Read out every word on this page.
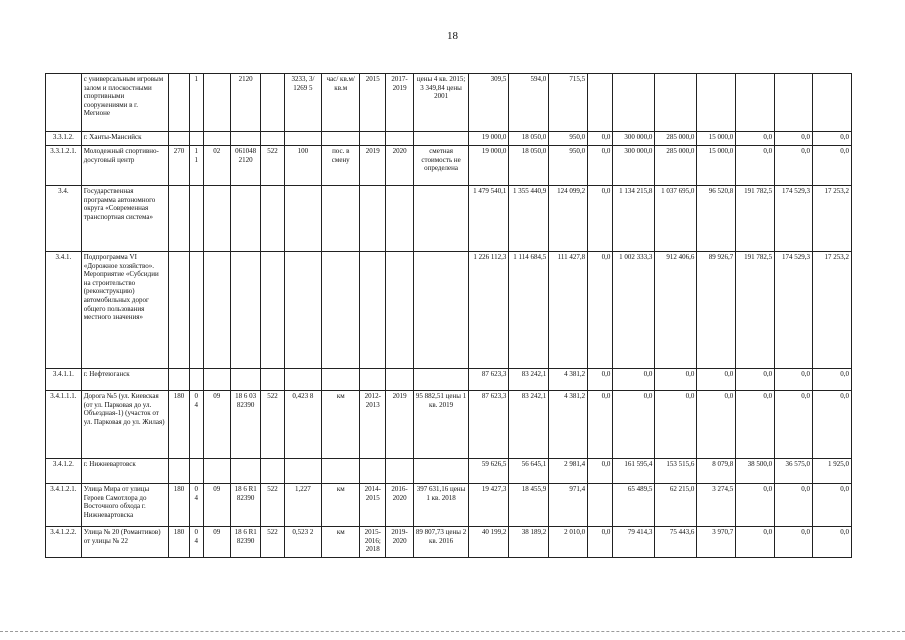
18
	с универсальным игровым залом и плоскостными спортивными сооружениями в г. Мегионе		1		2120		3233, 3/ 1269 5	час/ кв.м/ кв.м	2015	2017-2019	цены 4 кв. 2015; 3 349,84 цены 2001	309,5	594,0	715,5							
3.3.1.2.	г. Ханты-Мансийск											19 000,0	18 050,0	950,0	0,0	300 000,0	285 000,0	15 000,0	0,0	0,0	0,0
3.3.1.2.1.	Молодежный спортивно-досуговый центр	270	1 1	02	061048 2120	522	100	пос. в смену	2019	2020	сметная стоимость не определена	19 000,0	18 050,0	950,0	0,0	300 000,0	285 000,0	15 000,0	0,0	0,0	0,0
3.4.	Государственная программа автономного округа «Современная транспортная система»											1 479 540,1	1 355 440,9	124 099,2	0,0	1 134 215,8	1 037 695,0	96 520,8	191 782,5	174 529,3	17 253,2
3.4.1.	Подпрограмма VI «Дорожное хозяйство». Мероприятие «Субсидии на строительство (реконструкцию) автомобильных дорог общего пользования местного значения»											1 226 112,3	1 114 684,5	111 427,8	0,0	1 002 333,3	912 406,6	89 926,7	191 782,5	174 529,3	17 253,2
3.4.1.1.	г. Нефтеюганск											87 623,3	83 242,1	4 381,2	0,0	0,0	0,0	0,0	0,0	0,0	0,0
3.4.1.1.1.	Дорога №5 (ул. Киевская (от ул. Парковая до ул. Объездная-1) (участок от ул. Парковая до ул. Жилая)	180	0 4	09	18 6 03 82390	522	0,423 8	км	2012-2013	2019	95 882,51 цены 1 кв. 2019	87 623,3	83 242,1	4 381,2	0,0	0,0	0,0	0,0	0,0	0,0	0,0
3.4.1.2.	г. Нижневартовск											59 626,5	56 645,1	2 981,4	0,0	161 595,4	153 515,6	8 079,8	38 500,0	36 575,0	1 925,0
3.4.1.2.1.	Улица Мира от улицы Героев Самотлора до Восточного обхода г. Нижневартовска	180	0 4	09	18 6 R1 82390	522	1,227	км	2014-2015	2016-2020	397 631,16 цены 1 кв. 2018	19 427,3	18 455,9	971,4		65 489,5	62 215,0	3 274,5	0,0	0,0	0,0
3.4.1.2.2.	Улица № 20 (Романтиков) от улицы № 22	180	0 4	09	18 6 R1 82390	522	0,523 2	км	2015-2016; 2018	2019-2020	89 807,73 цены 2 кв. 2016	40 199,2	38 189,2	2 010,0	0,0	79 414,3	75 443,6	3 970,7	0,0	0,0	0,0
